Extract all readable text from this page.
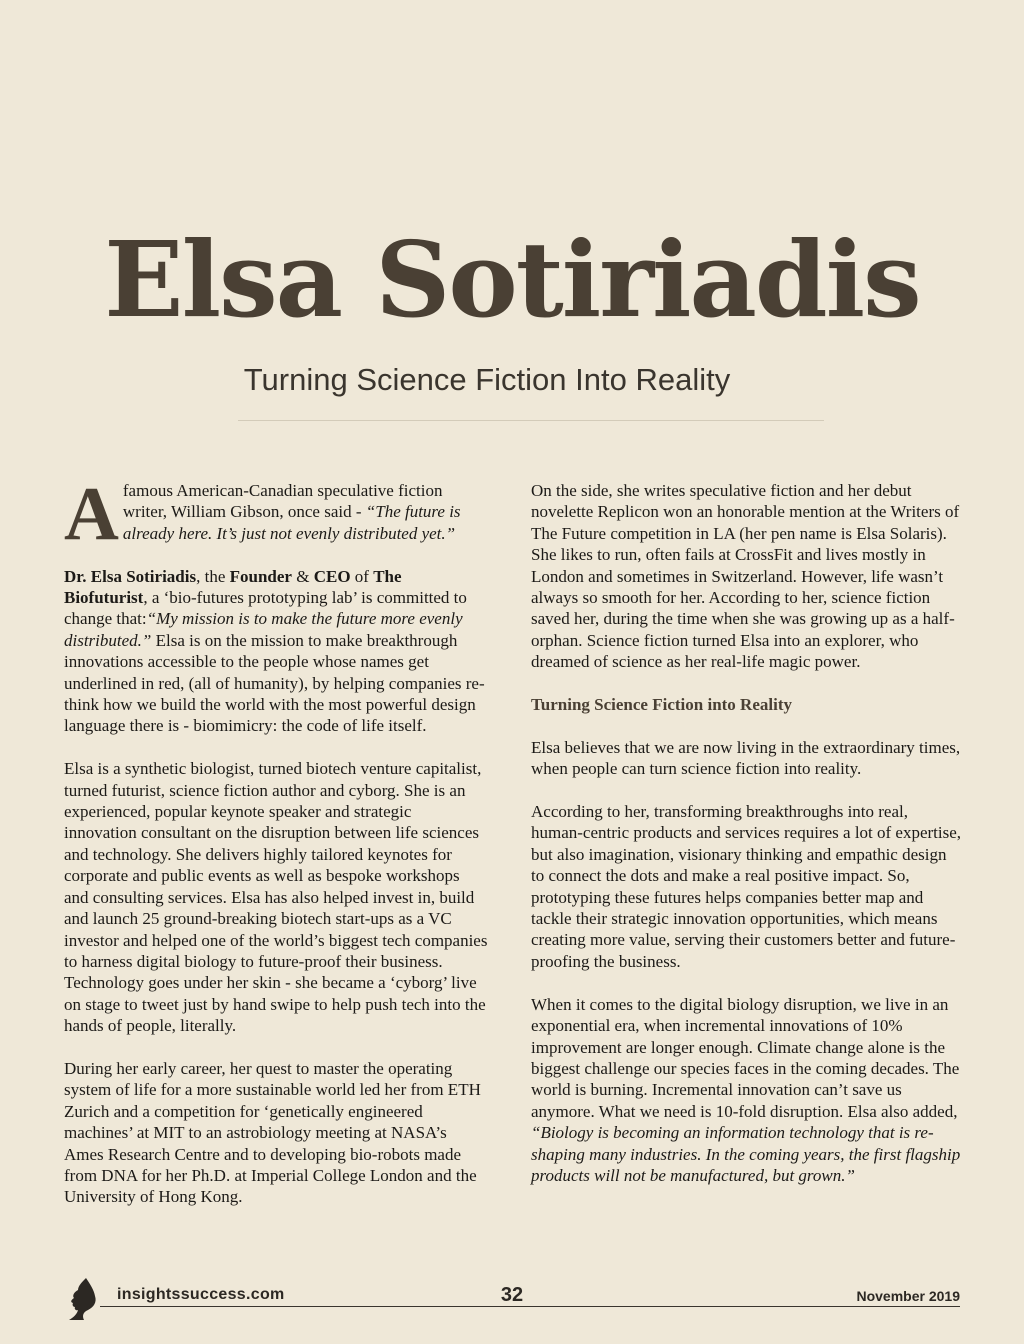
Elsa Sotiriadis
Turning Science Fiction Into Reality

A famous American-Canadian speculative fiction writer, William Gibson, once said - “The future is already here. It’s just not evenly distributed yet.”

Dr. Elsa Sotiriadis, the Founder & CEO of The Biofuturist, a ‘bio-futures prototyping lab’ is committed to change that:“My mission is to make the future more evenly distributed.” Elsa is on the mission to make breakthrough innovations accessible to the people whose names get underlined in red, (all of humanity), by helping companies re-think how we build the world with the most powerful design language there is - biomimicry: the code of life itself.

Elsa is a synthetic biologist, turned biotech venture capitalist, turned futurist, science fiction author and cyborg. She is an experienced, popular keynote speaker and strategic innovation consultant on the disruption between life sciences and technology. She delivers highly tailored keynotes for corporate and public events as well as bespoke workshops and consulting services. Elsa has also helped invest in, build and launch 25 ground-breaking biotech start-ups as a VC investor and helped one of the world’s biggest tech companies to harness digital biology to future-proof their business. Technology goes under her skin - she became a ‘cyborg’ live on stage to tweet just by hand swipe to help push tech into the hands of people, literally.

During her early career, her quest to master the operating system of life for a more sustainable world led her from ETH Zurich and a competition for ‘genetically engineered machines’ at MIT to an astrobiology meeting at NASA’s Ames Research Centre and to developing bio-robots made from DNA for her Ph.D. at Imperial College London and the University of Hong Kong.

On the side, she writes speculative fiction and her debut novelette Replicon won an honorable mention at the Writers of The Future competition in LA (her pen name is Elsa Solaris). She likes to run, often fails at CrossFit and lives mostly in London and sometimes in Switzerland. However, life wasn’t always so smooth for her. According to her, science fiction saved her, during the time when she was growing up as a half-orphan. Science fiction turned Elsa into an explorer, who dreamed of science as her real-life magic power.

Turning Science Fiction into Reality

Elsa believes that we are now living in the extraordinary times, when people can turn science fiction into reality.

According to her, transforming breakthroughs into real, human-centric products and services requires a lot of expertise, but also imagination, visionary thinking and empathic design to connect the dots and make a real positive impact. So, prototyping these futures helps companies better map and tackle their strategic innovation opportunities, which means creating more value, serving their customers better and future-proofing the business.

When it comes to the digital biology disruption, we live in an exponential era, when incremental innovations of 10% improvement are longer enough. Climate change alone is the biggest challenge our species faces in the coming decades. The world is burning. Incremental innovation can’t save us anymore. What we need is 10-fold disruption. Elsa also added, “Biology is becoming an information technology that is re-shaping many industries. In the coming years, the first flagship products will not be manufactured, but grown.”

insightssuccess.com	32	November 2019
